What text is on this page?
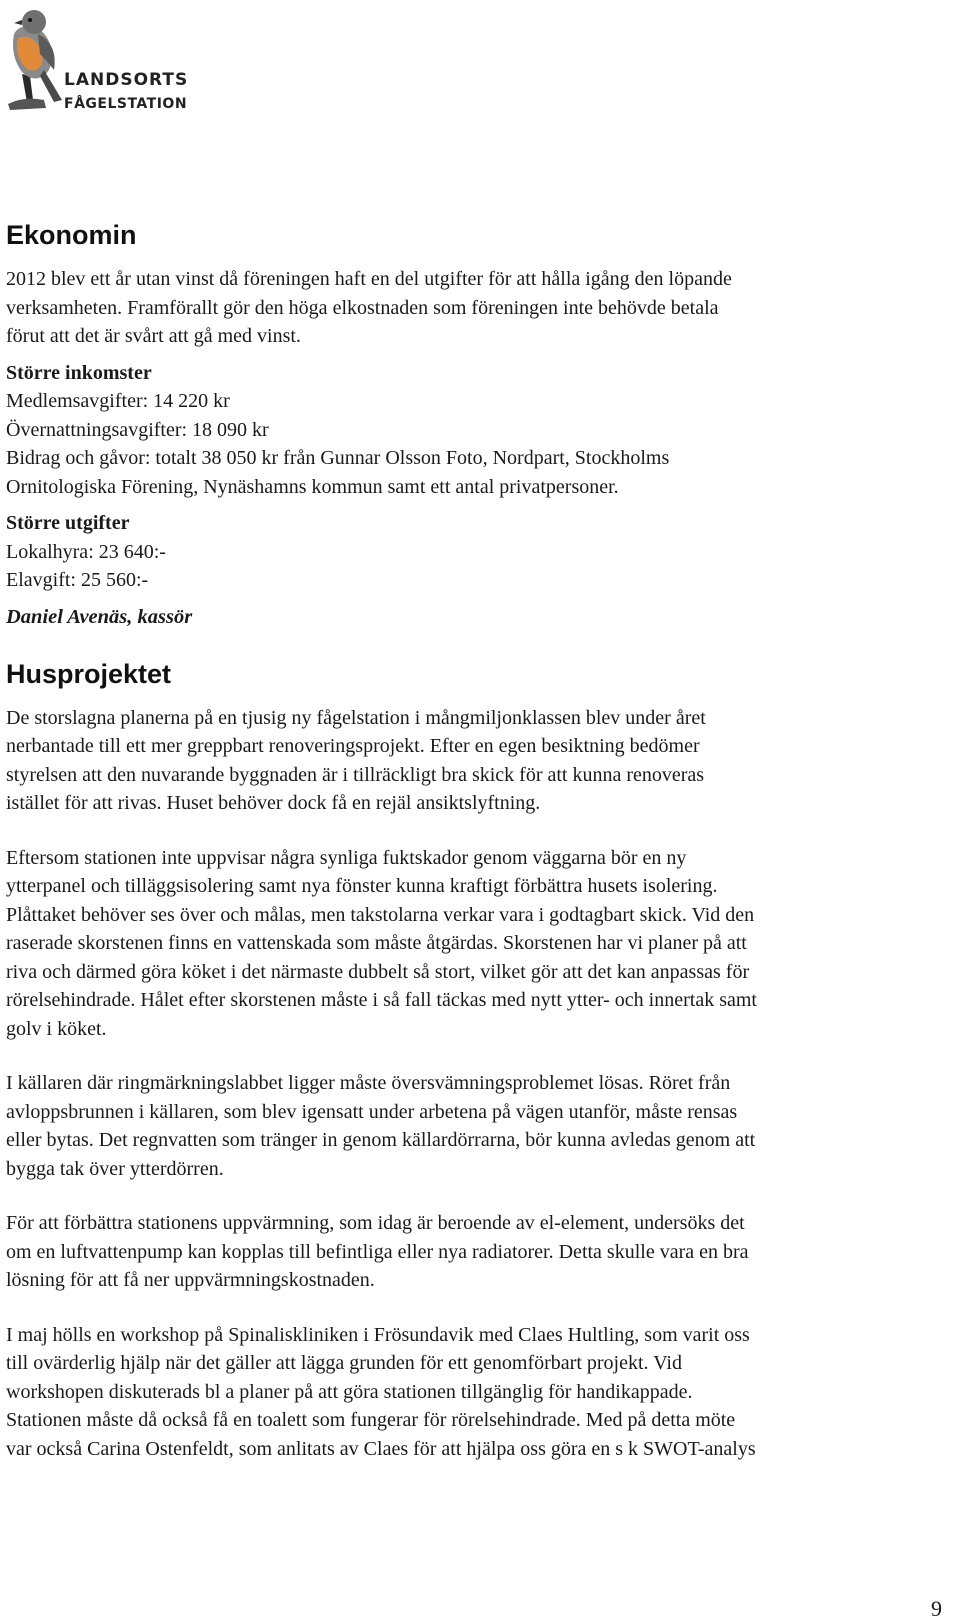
LANDSORTS
FÅGELSTATION
Ekonomin

2012 blev ett år utan vinst då föreningen haft en del utgifter för att hålla igång den löpande

verksamheten. Framförallt gör den höga elkostnaden som föreningen inte behövde betala

förut att det är svårt att gå med vinst.

Större inkomster

Medlemsavgifter: 14 220 kr

Övernattningsavgifter: 18 090 kr

Bidrag och gåvor: totalt 38 050 kr från Gunnar Olsson Foto, Nordpart, Stockholms

Ornitologiska Förening, Nynäshamns kommun samt ett antal privatpersoner.

Större utgifter

Lokalhyra: 23 640:-

Elavgift: 25 560:-

Daniel Avenäs, kassör

Husprojektet

De storslagna planerna på en tjusig ny fågelstation i mångmiljonklassen blev under året

nerbantade till ett mer greppbart renoveringsprojekt. Efter en egen besiktning bedömer

styrelsen att den nuvarande byggnaden är i tillräckligt bra skick för att kunna renoveras

istället för att rivas. Huset behöver dock få en rejäl ansiktslyftning.

Eftersom stationen inte uppvisar några synliga fuktskador genom väggarna bör en ny

ytterpanel och tilläggsisolering samt nya fönster kunna kraftigt förbättra husets isolering.

Plåttaket behöver ses över och målas, men takstolarna verkar vara i godtagbart skick. Vid den

raserade skorstenen finns en vattenskada som måste åtgärdas. Skorstenen har vi planer på att

riva och därmed göra köket i det närmaste dubbelt så stort, vilket gör att det kan anpassas för

rörelsehindrade. Hålet efter skorstenen måste i så fall täckas med nytt ytter- och innertak samt

golv i köket.

I källaren där ringmärkningslabbet ligger måste översvämningsproblemet lösas. Röret från

avloppsbrunnen i källaren, som blev igensatt under arbetena på vägen utanför, måste rensas

eller bytas. Det regnvatten som tränger in genom källardörrarna, bör kunna avledas genom att

bygga tak över ytterdörren.

För att förbättra stationens uppvärmning, som idag är beroende av el-element, undersöks det

om en luftvattenpump kan kopplas till befintliga eller nya radiatorer. Detta skulle vara en bra

lösning för att få ner uppvärmningskostnaden.

I maj hölls en workshop på Spinaliskliniken i Frösundavik med Claes Hultling, som varit oss

till ovärderlig hjälp när det gäller att lägga grunden för ett genomförbart projekt. Vid

workshopen diskuterads bl a planer på att göra stationen tillgänglig för handikappade.

Stationen måste då också få en toalett som fungerar för rörelsehindrade. Med på detta möte

var också Carina Ostenfeldt, som anlitats av Claes för att hjälpa oss göra en s k SWOT-analys

9
